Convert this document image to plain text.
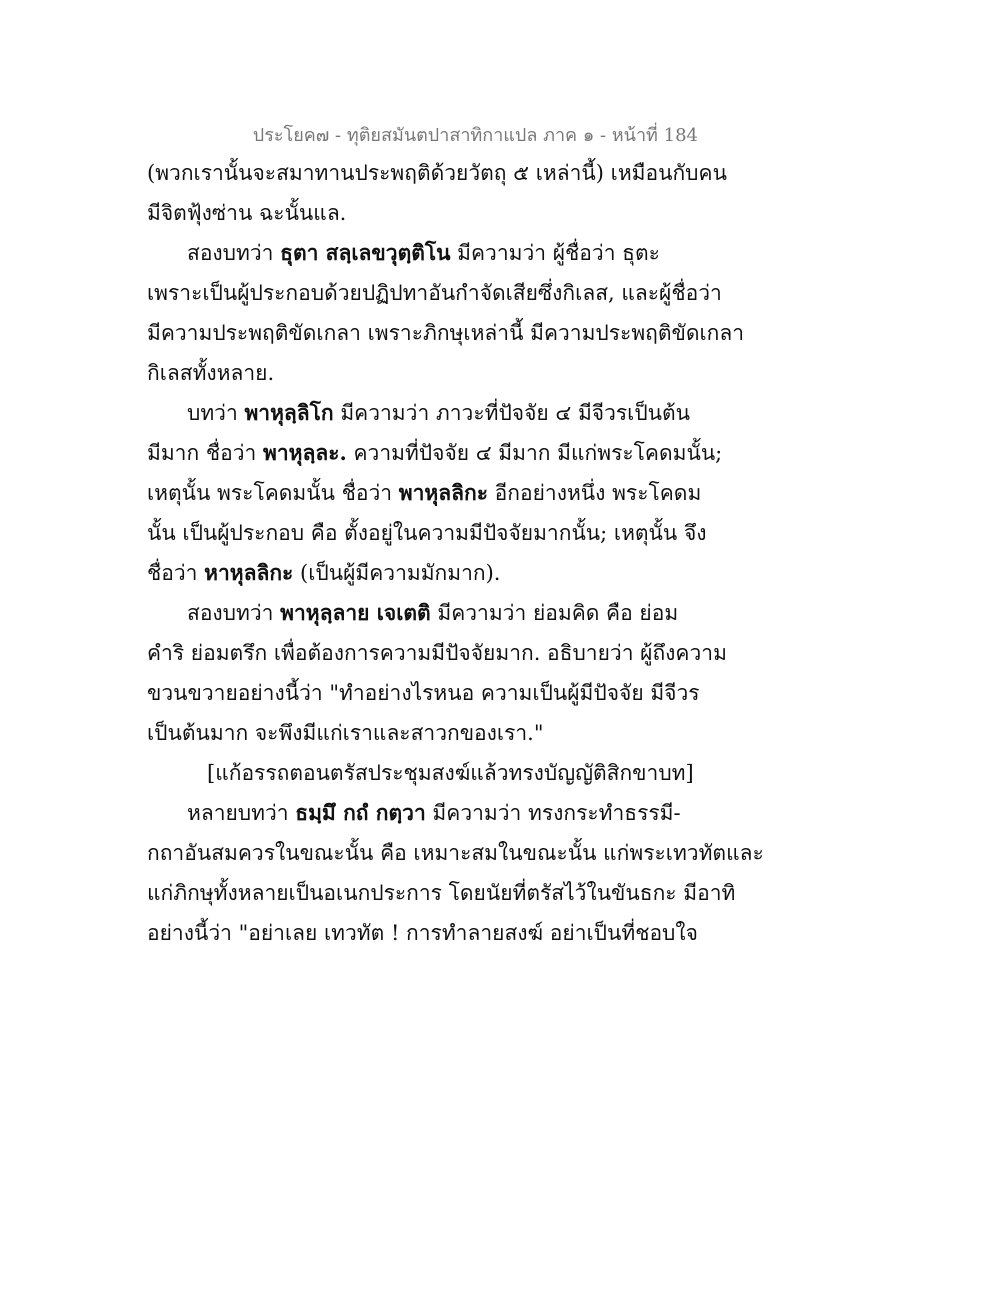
ประโยค๗ - ทุติยสมันตปาสาทิกาแปล ภาค ๑ - หน้าที่ 184
(พวกเรานั้นจะสมาทานประพฤติด้วยวัตถุ ๕ เหล่านี้) เหมือนกับคน
มีจิตฟุ้งซ่าน ฉะนั้นแล.
สองบทว่า ธุตา สลฺเลขวุตฺติโน มีความว่า ผู้ชื่อว่า ธุตะ
เพราะเป็นผู้ประกอบด้วยปฏิปทาอันกำจัดเสียซึ่งกิเลส, และผู้ชื่อว่า
มีความประพฤติขัดเกลา เพราะภิกษุเหล่านี้ มีความประพฤติขัดเกลา
กิเลสทั้งหลาย.
บทว่า พาหุลฺลิโก มีความว่า ภาวะที่ปัจจัย ๔ มีจีวรเป็นต้น
มีมาก ชื่อว่า พาหุลฺละ. ความที่ปัจจัย ๔ มีมาก มีแก่พระโคดมนั้น;
เหตุนั้น พระโคดมนั้น ชื่อว่า พาหุลลิกะ อีกอย่างหนึ่ง พระโคดม
นั้น เป็นผู้ประกอบ คือ ตั้งอยู่ในความมีปัจจัยมากนั้น; เหตุนั้น จึง
ชื่อว่า หาหุลลิกะ (เป็นผู้มีความมักมาก).
สองบทว่า พาหุลฺลาย เจเตติ มีความว่า ย่อมคิด คือ ย่อม
คำริ ย่อมตรึก เพื่อต้องการความมีปัจจัยมาก. อธิบายว่า ผู้ถึงความ
ขวนขวายอย่างนี้ว่า "ทำอย่างไรหนอ ความเป็นผู้มีปัจจัย มีจีวร
เป็นต้นมาก จะพึงมีแก่เราและสาวกของเรา."
[แก้อรรถตอนตรัสประชุมสงฆ์แล้วทรงบัญญัติสิกขาบท]
หลายบทว่า ธมฺมึ กถํ กตฺวา มีความว่า ทรงกระทำธรรมี-
กถาอันสมควรในขณะนั้น คือ เหมาะสมในขณะนั้น แก่พระเทวทัตและ
แก่ภิกษุทั้งหลายเป็นอเนกประการ โดยนัยที่ตรัสไว้ในขันธกะ มีอาทิ
อย่างนี้ว่า "อย่าเลย เทวทัต ! การทำลายสงฆ์ อย่าเป็นที่ชอบใจ
